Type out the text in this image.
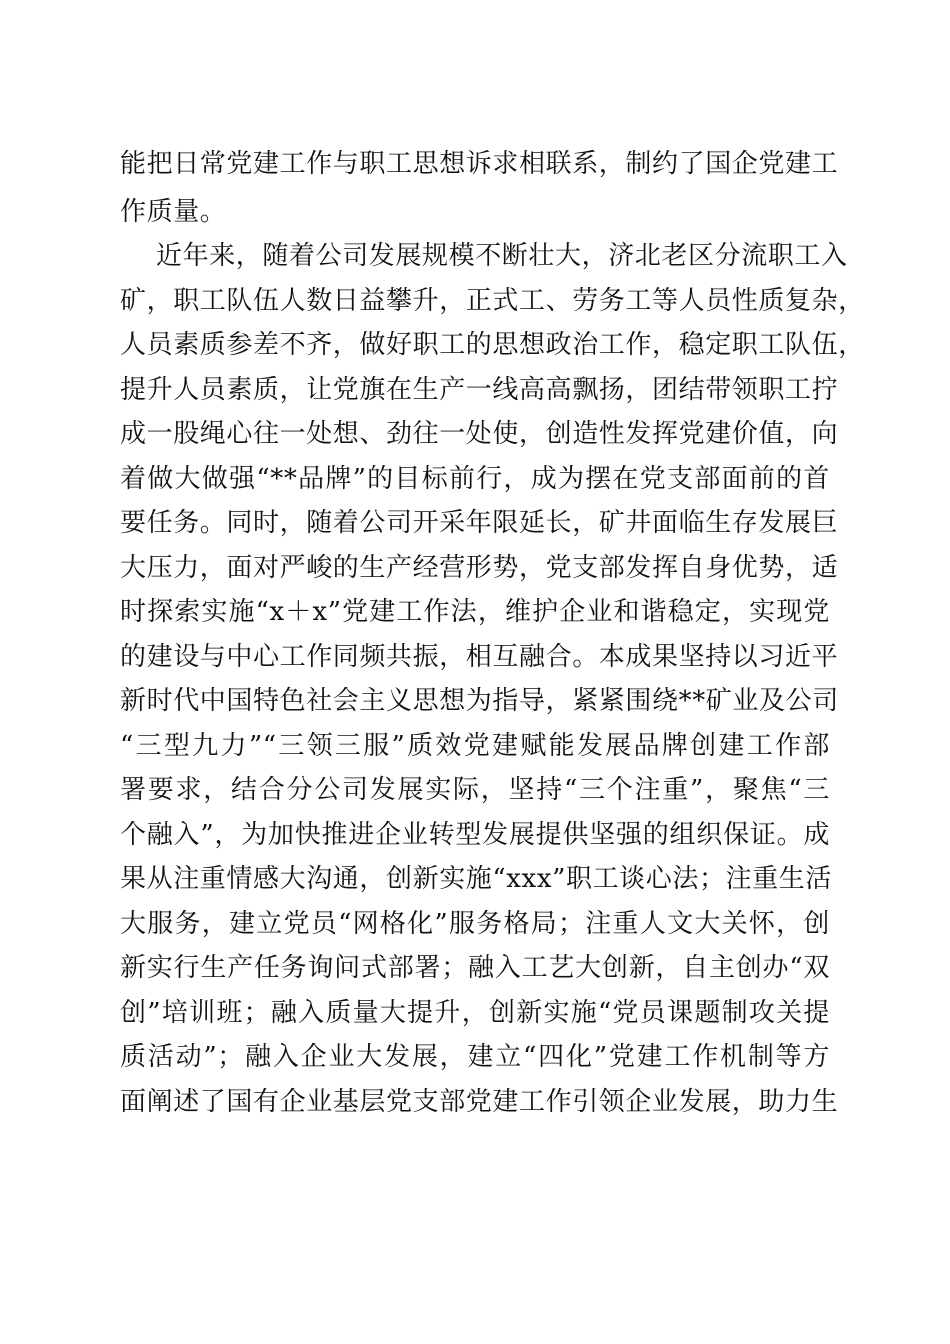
能把日常党建工作与职工思想诉求相联系，制约了国企党建工
作质量。
近年来，随着公司发展规模不断壮大，济北老区分流职工入
矿，职工队伍人数日益攀升，正式工、劳务工等人员性质复杂，
人员素质参差不齐，做好职工的思想政治工作，稳定职工队伍，
提升人员素质，让党旗在生产一线高高飘扬，团结带领职工拧
成一股绳心往一处想、劲往一处使，创造性发挥党建价值，向
着做大做强“**品牌”的目标前行，成为摆在党支部面前的首
要任务。同时，随着公司开采年限延长，矿井面临生存发展巨
大压力，面对严峻的生产经营形势，党支部发挥自身优势，适
时探索实施“x＋x”党建工作法，维护企业和谐稳定，实现党
的建设与中心工作同频共振，相互融合。本成果坚持以习近平
新时代中国特色社会主义思想为指导，紧紧围绕**矿业及公司
“三型九力”“三领三服”质效党建赋能发展品牌创建工作部
署要求，结合分公司发展实际，坚持“三个注重”，聚焦“三
个融入”，为加快推进企业转型发展提供坚强的组织保证。成
果从注重情感大沟通，创新实施“xxx”职工谈心法；注重生活
大服务，建立党员“网格化”服务格局；注重人文大关怀，创
新实行生产任务询问式部署；融入工艺大创新，自主创办“双
创”培训班；融入质量大提升，创新实施“党员课题制攻关提
质活动”；融入企业大发展，建立“四化”党建工作机制等方
面阐述了国有企业基层党支部党建工作引领企业发展，助力生
